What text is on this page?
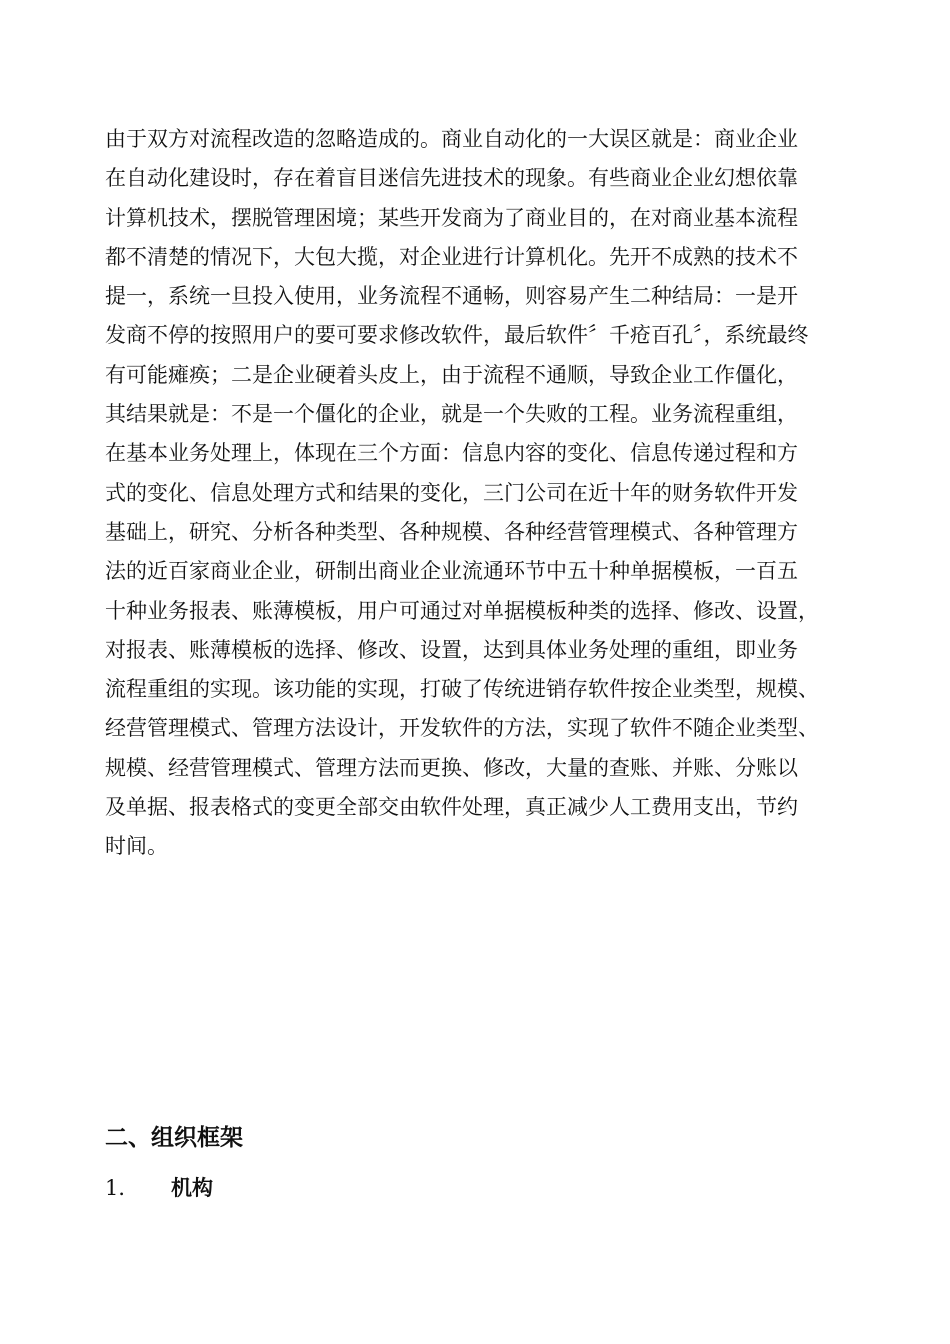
由于双方对流程改造的忽略造成的。商业自动化的一大误区就是：商业企业
在自动化建设时，存在着盲目迷信先进技术的现象。有些商业企业幻想依靠
计算机技术，摆脱管理困境；某些开发商为了商业目的，在对商业基本流程
都不清楚的情况下，大包大揽，对企业进行计算机化。先开不成熟的技术不
提一，系统一旦投入使用，业务流程不通畅，则容易产生二种结局：一是开
发商不停的按照用户的要可要求修改软件，最后软件〞千疮百孔〞，系统最终
有可能瘫痪；二是企业硬着头皮上，由于流程不通顺，导致企业工作僵化，
其结果就是：不是一个僵化的企业，就是一个失败的工程。业务流程重组，
在基本业务处理上，体现在三个方面：信息内容的变化、信息传递过程和方
式的变化、信息处理方式和结果的变化，三门公司在近十年的财务软件开发
基础上，研究、分析各种类型、各种规模、各种经营管理模式、各种管理方
法的近百家商业企业，研制出商业企业流通环节中五十种单据模板，一百五
十种业务报表、账薄模板，用户可通过对单据模板种类的选择、修改、设置，
对报表、账薄模板的选择、修改、设置，达到具体业务处理的重组，即业务
流程重组的实现。该功能的实现，打破了传统进销存软件按企业类型，规模、
经营管理模式、管理方法设计，开发软件的方法，实现了软件不随企业类型、
规模、经营管理模式、管理方法而更换、修改，大量的查账、并账、分账以
及单据、报表格式的变更全部交由软件处理，真正减少人工费用支出，节约
时间。
二、组织框架
1． 机构
